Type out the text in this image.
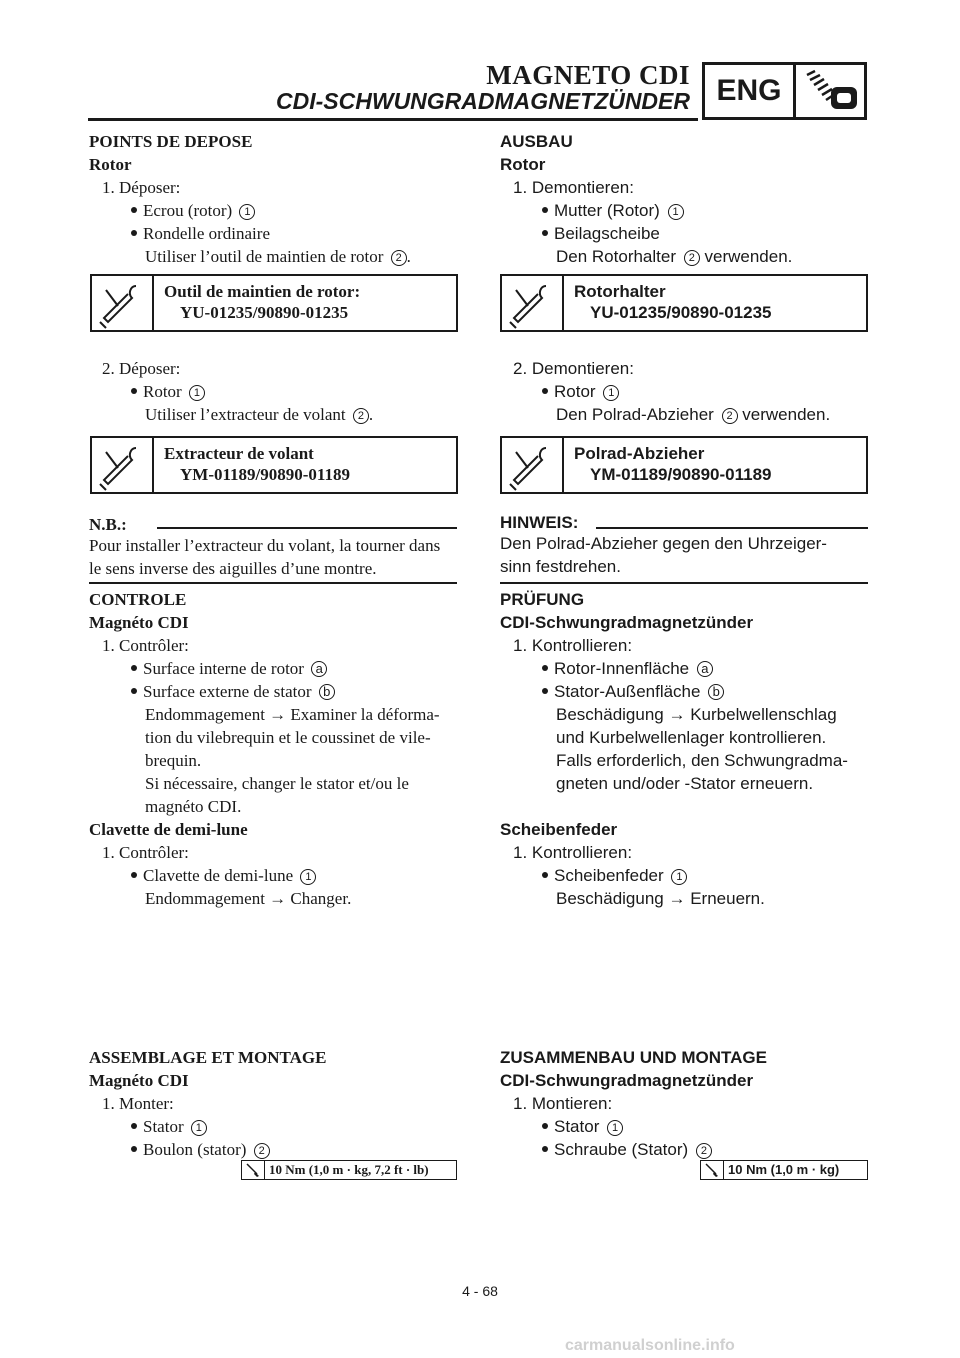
MAGNETO CDI
CDI-SCHWUNGRADMAGNETZÜNDER ENG
POINTS DE DEPOSE
Rotor
1. Déposer:
Ecrou (rotor) 1
Rondelle ordinaire
Utiliser l’outil de maintien de rotor 2 .
Outil de maintien de rotor:
YU-01235/90890-01235
2. Déposer:
Rotor 1
Utiliser l’extracteur de volant 2 .
Extracteur de volant
YM-01189/90890-01189
N.B.:
Pour installer l’extracteur du volant, la tourner dans
le sens inverse des aiguilles d’une montre.
CONTROLE
Magnéto CDI
1. Contrôler:
Surface interne de rotor a
Surface externe de stator b
Endommagement → Examiner la déforma-
tion du vilebrequin et le coussinet de vile-
brequin.
Si nécessaire, changer le stator et/ou le
magnéto CDI.
Clavette de demi-lune
1. Contrôler:
Clavette de demi-lune 1
Endommagement → Changer.
ASSEMBLAGE ET MONTAGE
Magnéto CDI
1. Monter:
Stator 1
Boulon (stator) 2
10 Nm (1,0 m · kg, 7,2 ft · lb)
AUSBAU
Rotor
1. Demontieren:
Mutter (Rotor) 1
Beilagscheibe
Den Rotorhalter 2 verwenden.
Rotorhalter
YU-01235/90890-01235
2. Demontieren:
Rotor 1
Den Polrad-Abzieher 2 verwenden.
Polrad-Abzieher
YM-01189/90890-01189
HINWEIS:
Den Polrad-Abzieher gegen den Uhrzeiger-
sinn festdrehen.
PRÜFUNG
CDI-Schwungradmagnetzünder
1. Kontrollieren:
Rotor-Innenfläche a
Stator-Außenfläche b
Beschädigung → Kurbelwellenschlag
und Kurbelwellenlager kontrollieren.
Falls erforderlich, den Schwungradma-
gneten und/oder -Stator erneuern.
Scheibenfeder
1. Kontrollieren:
Scheibenfeder 1
Beschädigung → Erneuern.
ZUSAMMENBAU UND MONTAGE
CDI-Schwungradmagnetzünder
1. Montieren:
Stator 1
Schraube (Stator) 2
10 Nm (1,0 m · kg)
4 - 68
carmanualsonline.info
